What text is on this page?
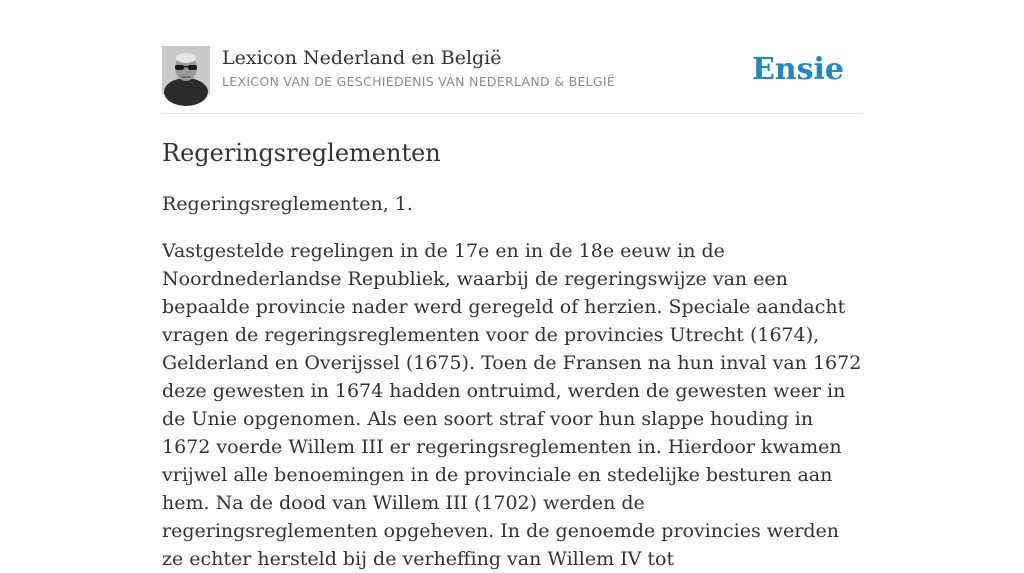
Lexicon Nederland en België
LEXICON VAN DE GESCHIEDENIS VAN NEDERLAND & BELGIË	Ensie
Regeringsreglementen

Regeringsreglementen, 1.

Vastgestelde regelingen in de 17e en in de 18e eeuw in de Noordnederlandse Republiek, waarbij de regeringswijze van een bepaalde provincie nader werd geregeld of herzien. Speciale aandacht vragen de regeringsreglementen voor de provincies Utrecht (1674), Gelderland en Overijssel (1675). Toen de Fransen na hun inval van 1672 deze gewesten in 1674 hadden ontruimd, werden de gewesten weer in de Unie opgenomen. Als een soort straf voor hun slappe houding in 1672 voerde Willem III er regeringsreglementen in. Hierdoor kwamen vrijwel alle benoemingen in de provinciale en stedelijke besturen aan hem. Na de dood van Willem III (1702) werden de regeringsreglementen opgeheven. In de genoemde provincies werden ze echter hersteld bij de verheffing van Willem IV tot
